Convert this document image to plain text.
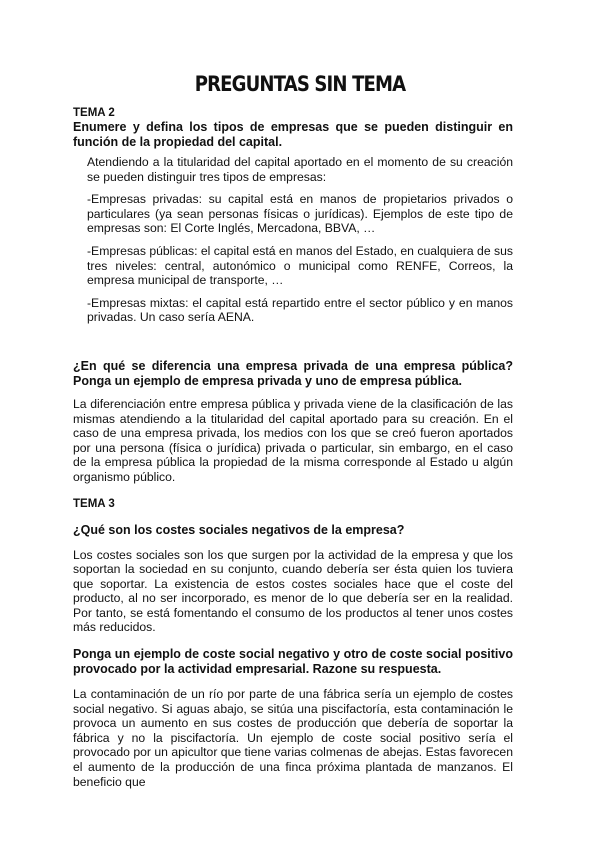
PREGUNTAS SIN TEMA

TEMA 2

Enumere y defina los tipos de empresas que se pueden distinguir en función de la propiedad del capital.

Atendiendo a la titularidad del capital aportado en el momento de su creación se pueden distinguir tres tipos de empresas:

-Empresas privadas: su capital está en manos de propietarios privados o particulares (ya sean personas físicas o jurídicas). Ejemplos de este tipo de empresas son: El Corte Inglés, Mercadona, BBVA, …

-Empresas públicas: el capital está en manos del Estado, en cualquiera de sus tres niveles: central, autonómico o municipal como RENFE, Correos, la empresa municipal de transporte, …

-Empresas mixtas: el capital está repartido entre el sector público y en manos privadas. Un caso sería AENA.

¿En qué se diferencia una empresa privada de una empresa pública? Ponga un ejemplo de empresa privada y uno de empresa pública.

La diferenciación entre empresa pública y privada viene de la clasificación de las mismas atendiendo a la titularidad del capital aportado para su creación. En el caso de una empresa privada, los medios con los que se creó fueron aportados por una persona (física o jurídica) privada o particular, sin embargo, en el caso de la empresa pública la propiedad de la misma corresponde al Estado u algún organismo público.

TEMA 3

¿Qué son los costes sociales negativos de la empresa?

Los costes sociales son los que surgen por la actividad de la empresa y que los soportan la sociedad en su conjunto, cuando debería ser ésta quien los tuviera que soportar. La existencia de estos costes sociales hace que el coste del producto, al no ser incorporado, es menor de lo que debería ser en la realidad. Por tanto, se está fomentando el consumo de los productos al tener unos costes más reducidos.

Ponga un ejemplo de coste social negativo y otro de coste social positivo provocado por la actividad empresarial. Razone su respuesta.

La contaminación de un río por parte de una fábrica sería un ejemplo de costes social negativo. Si aguas abajo, se sitúa una piscifactoría, esta contaminación le provoca un aumento en sus costes de producción que debería de soportar la fábrica y no la piscifactoría. Un ejemplo de coste social positivo sería el provocado por un apicultor que tiene varias colmenas de abejas. Estas favorecen el aumento de la producción de una finca próxima plantada de manzanos. El beneficio que
